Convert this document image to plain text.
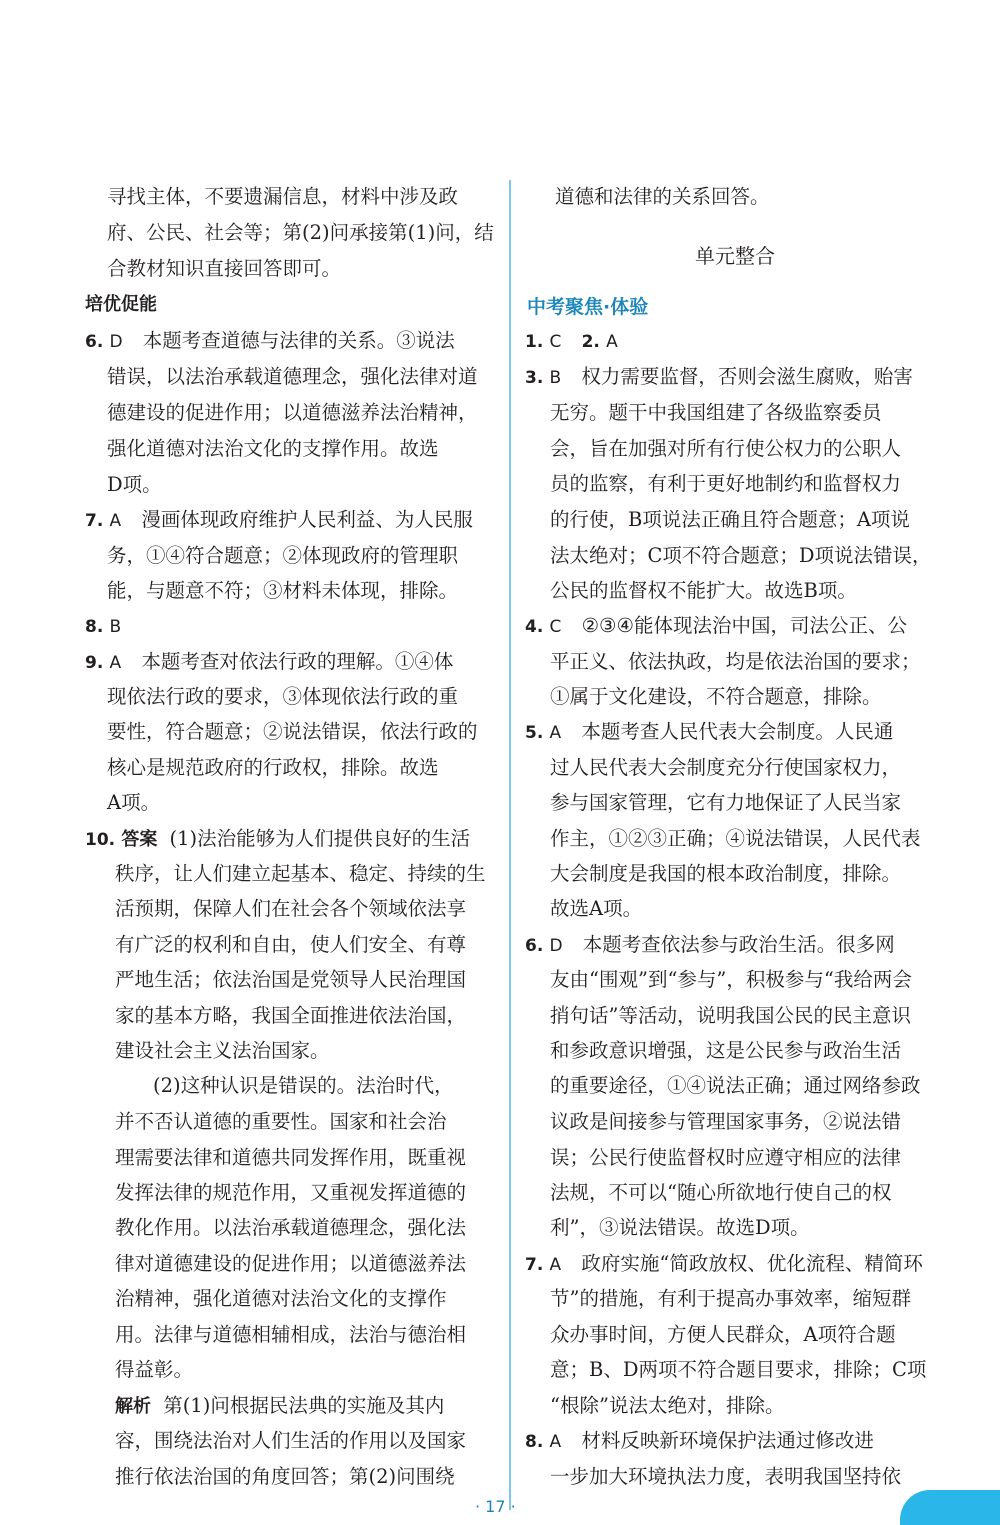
寻找主体，不要遗漏信息，材料中涉及政
府、公民、社会等；第(2)问承接第(1)问，结
合教材知识直接回答即可。
培优促能
6. D 本题考查道德与法律的关系。③说法
错误，以法治承载道德理念，强化法律对道
德建设的促进作用；以道德滋养法治精神，
强化道德对法治文化的支撑作用。故选
D项。
7. A 漫画体现政府维护人民利益、为人民服
务，①④符合题意；②体现政府的管理职
能，与题意不符；③材料未体现，排除。
8. B
9. A 本题考查对依法行政的理解。①④体
现依法行政的要求，③体现依法行政的重
要性，符合题意；②说法错误，依法行政的
核心是规范政府的行政权，排除。故选
A项。
10. 答案 (1)法治能够为人们提供良好的生活
秩序，让人们建立起基本、稳定、持续的生
活预期，保障人们在社会各个领域依法享
有广泛的权利和自由，使人们安全、有尊
严地生活；依法治国是党领导人民治理国
家的基本方略，我国全面推进依法治国，
建设社会主义法治国家。
(2)这种认识是错误的。法治时代，
并不否认道德的重要性。国家和社会治
理需要法律和道德共同发挥作用，既重视
发挥法律的规范作用，又重视发挥道德的
教化作用。以法治承载道德理念，强化法
律对道德建设的促进作用；以道德滋养法
治精神，强化道德对法治文化的支撑作
用。法律与道德相辅相成，法治与德治相
得益彰。
解析 第(1)问根据民法典的实施及其内
容，围绕法治对人们生活的作用以及国家
推行依法治国的角度回答；第(2)问围绕
道德和法律的关系回答。
中考聚焦·体验
1. C 2. A
3. B 权力需要监督，否则会滋生腐败，贻害
无穷。题干中我国组建了各级监察委员
会，旨在加强对所有行使公权力的公职人
员的监察，有利于更好地制约和监督权力
的行使，B项说法正确且符合题意；A项说
法太绝对；C项不符合题意；D项说法错误，
公民的监督权不能扩大。故选B项。
4. C ②③④能体现法治中国，司法公正、公
平正义、依法执政，均是依法治国的要求；
①属于文化建设，不符合题意，排除。
5. A 本题考查人民代表大会制度。人民通
过人民代表大会制度充分行使国家权力，
参与国家管理，它有力地保证了人民当家
作主，①②③正确；④说法错误，人民代表
大会制度是我国的根本政治制度，排除。
故选A项。
6. D 本题考查依法参与政治生活。很多网
友由“围观”到“参与”，积极参与“我给两会
捎句话”等活动，说明我国公民的民主意识
和参政意识增强，这是公民参与政治生活
的重要途径，①④说法正确；通过网络参政
议政是间接参与管理国家事务，②说法错
误；公民行使监督权时应遵守相应的法律
法规，不可以“随心所欲地行使自己的权
利”，③说法错误。故选D项。
7. A 政府实施“简政放权、优化流程、精简环
节”的措施，有利于提高办事效率，缩短群
众办事时间，方便人民群众，A项符合题
意；B、D两项不符合题目要求，排除；C项
“根除”说法太绝对，排除。
8. A 材料反映新环境保护法通过修改进
一步加大环境执法力度，表明我国坚持依
单元整合
· 17 ·
